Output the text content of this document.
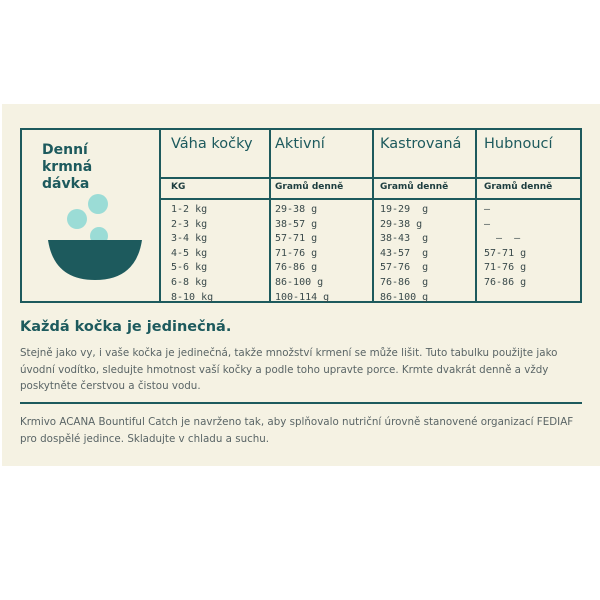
Denní krmná dávka
Váha kočky
KG
1-2 kg
2-3 kg
3-4 kg
4-5 kg
5-6 kg
6-8 kg
8-10 kg
Aktivní
Gramů denně
29-38 g
38-57 g
57-71 g
71-76 g
76-86 g
86-100 g
100-114 g
Kastrovaná
Gramů denně
19-29  g
29-38 g
38-43  g
43-57  g
57-76  g
76-86  g
86-100 g
Hubnoucí
Gramů denně
—
—
—  —
57-71 g
71-76 g
76-86 g
Každá kočka je jedinečná.
Stejně jako vy, i vaše kočka je jedinečná, takže množství krmení se může lišit. Tuto tabulku použijte jako úvodní vodítko, sledujte hmotnost vaší kočky a podle toho upravte porce. Krmte dvakrát denně a vždy poskytněte čerstvou a čistou vodu.
Krmivo ACANA Bountiful Catch je navrženo tak, aby splňovalo nutriční úrovně stanovené organizací FEDIAF pro dospělé jedince. Skladujte v chladu a suchu.
